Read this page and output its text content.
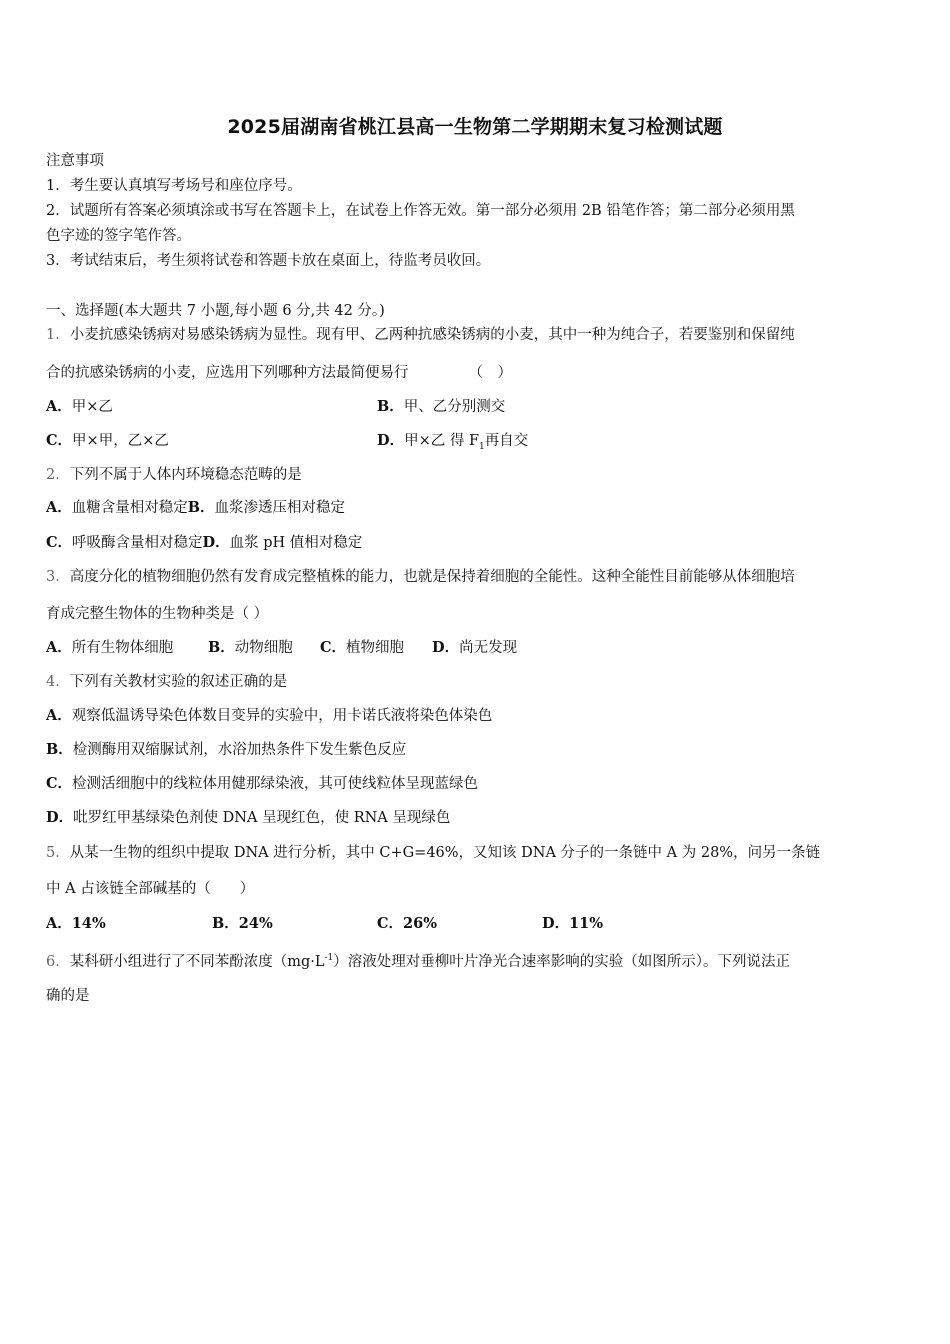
2025届湖南省桃江县高一生物第二学期期末复习检测试题
注意事项
1．考生要认真填写考场号和座位序号。
2．试题所有答案必须填涂或书写在答题卡上，在试卷上作答无效。第一部分必须用 2B 铅笔作答；第二部分必须用黑
色字迹的签字笔作答。
3．考试结束后，考生须将试卷和答题卡放在桌面上，待监考员收回。
一、选择题(本大题共 7 小题,每小题 6 分,共 42 分。)
1．小麦抗感染锈病对易感染锈病为显性。现有甲、乙两种抗感染锈病的小麦，其中一种为纯合子，若要鉴别和保留纯
合的抗感染锈病的小麦，应选用下列哪种方法最简便易行	（　）
A．甲×乙	B．甲、乙分别测交
C．甲×甲，乙×乙	D．甲×乙 得 $F_1$再自交
2．下列不属于人体内环境稳态范畴的是
A．血糖含量相对稳定B．血浆渗透压相对稳定
C．呼吸酶含量相对稳定D．血浆 pH 值相对稳定
3．高度分化的植物细胞仍然有发育成完整植株的能力，也就是保持着细胞的全能性。这种全能性目前能够从体细胞培
育成完整生物体的生物种类是（ ）
A．所有生物体细胞 B．动物细胞 C．植物细胞 D．尚无发现
4．下列有关教材实验的叙述正确的是
A．观察低温诱导染色体数目变异的实验中，用卡诺氏液将染色体染色
B．检测酶用双缩脲试剂，水浴加热条件下发生紫色反应
C．检测活细胞中的线粒体用健那绿染液，其可使线粒体呈现蓝绿色
D．吡罗红甲基绿染色剂使 DNA 呈现红色，使 RNA 呈现绿色
5．从某一生物的组织中提取 DNA 进行分析，其中 C+G=46%，又知该 DNA 分子的一条链中 A 为 28%，问另一条链
中 A 占该链全部碱基的（　　）
A．14%	B．24%	C．26%	D．11%
6．某科研小组进行了不同苯酚浓度$(mg\cdot L^{-1})$溶液处理对垂柳叶片净光合速率影响的实验（如图所示）。下列说法正
确的是
